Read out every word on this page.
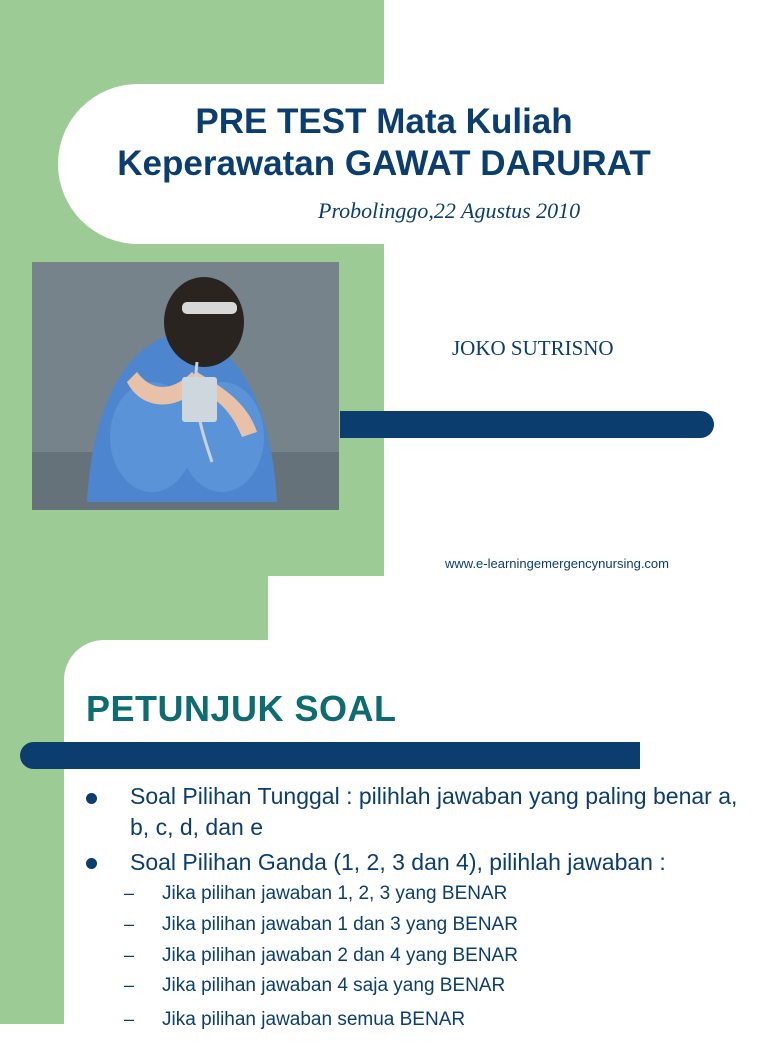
PRE TEST Mata Kuliah
Keperawatan GAWAT DARURAT
Probolinggo,22 Agustus 2010
JOKO SUTRISNO
www.e-learningemergencynursing.com
PETUNJUK SOAL
Soal Pilihan Tunggal : pilihlah jawaban yang paling benar a, b, c, d, dan e
Soal Pilihan Ganda (1, 2, 3 dan 4), pilihlah jawaban :
– Jika pilihan jawaban 1, 2, 3 yang BENAR
– Jika pilihan jawaban 1 dan 3 yang BENAR
– Jika pilihan jawaban 2 dan 4 yang BENAR
– Jika pilihan jawaban 4 saja yang BENAR
– Jika pilihan jawaban semua BENAR
